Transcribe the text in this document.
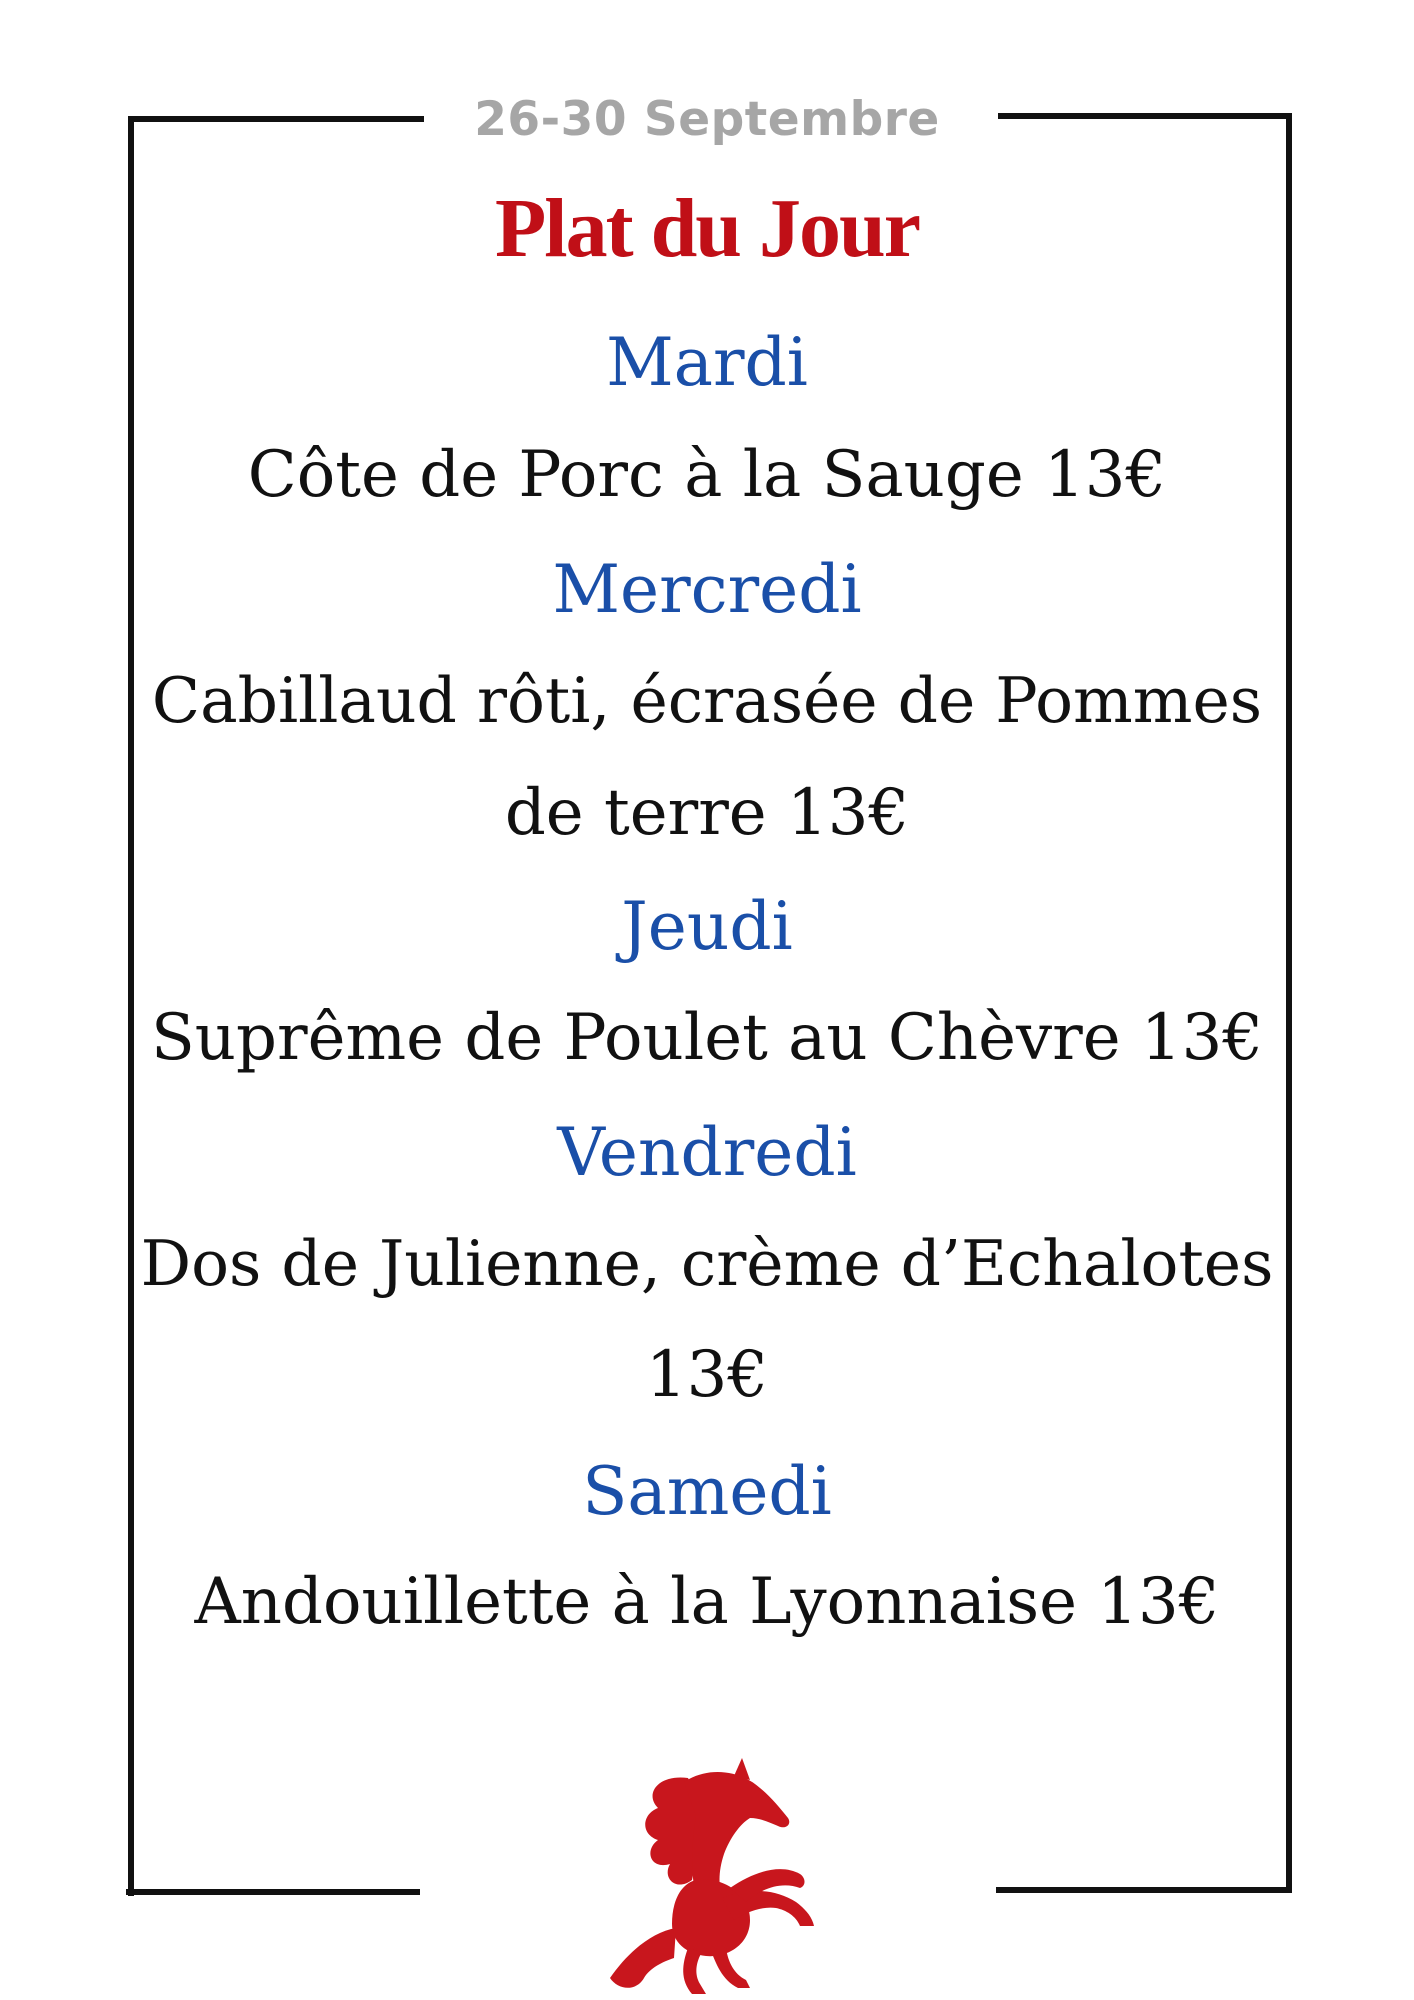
26-30 Septembre
Plat du Jour
Mardi
Côte de Porc à la Sauge 13€
Mercredi
Cabillaud rôti, écrasée de Pommes
de terre 13€
Jeudi
Suprême de Poulet au Chèvre 13€
Vendredi
Dos de Julienne, crème d’Echalotes
13€
Samedi
Andouillette à la Lyonnaise 13€
